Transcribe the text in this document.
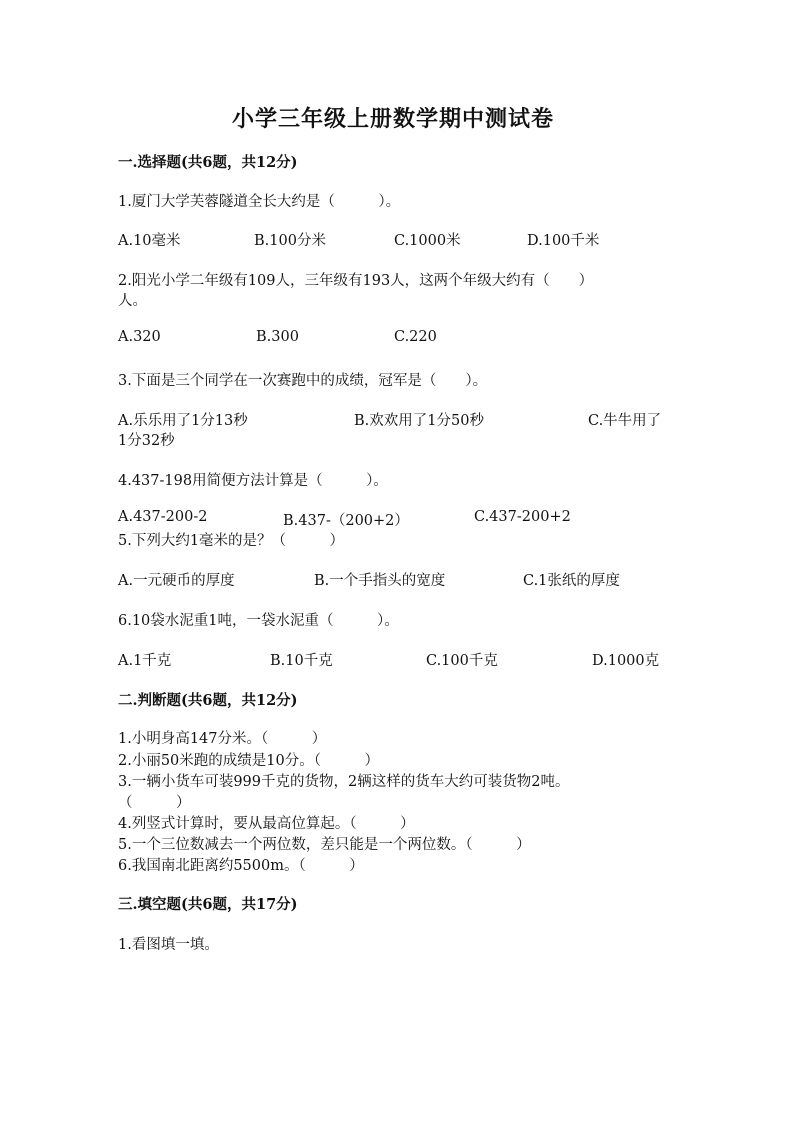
小学三年级上册数学期中测试卷
一.选择题(共6题，共12分)
1.厦门大学芙蓉隧道全长大约是（　　　）。
A.10毫米	B.100分米	C.1000米	D.100千米
2.阳光小学二年级有109人，三年级有193人，这两个年级大约有（　　）
人。
A.320	B.300	C.220
3.下面是三个同学在一次赛跑中的成绩，冠军是（　　）。
A.乐乐用了1分13秒	B.欢欢用了1分50秒	C.牛牛用了
1分32秒
4.437-198用简便方法计算是（　　　）。
A.437-200-2	B.437-（200+2）	C.437-200+2
5.下列大约1毫米的是？（　　　）
A.一元硬币的厚度	B.一个手指头的宽度	C.1张纸的厚度
6.10袋水泥重1吨，一袋水泥重（　　　）。
A.1千克	B.10千克	C.100千克	D.1000克
二.判断题(共6题，共12分)
1.小明身高147分米。（　　　）
2.小丽50米跑的成绩是10分。（　　　）
3.一辆小货车可装999千克的货物，2辆这样的货车大约可装货物2吨。
（　　　）
4.列竖式计算时，要从最高位算起。（　　　）
5.一个三位数减去一个两位数，差只能是一个两位数。（　　　）
6.我国南北距离约5500m。（　　　）
三.填空题(共6题，共17分)
1.看图填一填。
